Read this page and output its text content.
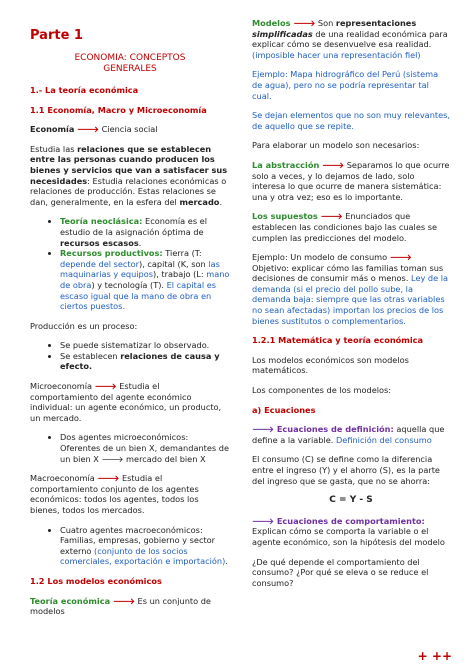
Parte 1
ECONOMIA: CONCEPTOS
GENERALES
1.- La teoría económica
1.1 Economía, Macro y Microeconomía

Economía 🡒 Ciencia social

Estudia las relaciones que se establecen entre las personas cuando producen los bienes y servicios que van a satisfacer sus necesidades: Estudia relaciones económicas o relaciones de producción. Estas relaciones se dan, generalmente, en la esfera del mercado.

• Teoría neoclásica: Economía es el estudio de la asignación óptima de recursos escasos.
• Recursos productivos: Tierra (T: depende del sector), capital (K, son las maquinarias y equipos), trabajo (L: mano de obra) y tecnología (T). El capital es escaso igual que la mano de obra en ciertos puestos.

Producción es un proceso:

• Se puede sistematizar lo observado.
• Se establecen relaciones de causa y efecto.

Microeconomía 🡒 Estudia el comportamiento del agente económico individual: un agente económico, un producto, un mercado.

• Dos agentes microeconómicos: Oferentes de un bien X, demandantes de un bien X 🡒 mercado del bien X

Macroeconomía 🡒 Estudia el comportamiento conjunto de los agentes económicos: todos los agentes, todos los bienes, todos los mercados.

• Cuatro agentes macroeconómicos: Familias, empresas, gobierno y sector externo (conjunto de los socios comerciales, exportación e importación).
1.2 Los modelos económicos

Teoría económica 🡒 Es un conjunto de modelos

Modelos 🡒 Son representaciones simplificadas de una realidad económica para explicar cómo se desenvuelve esa realidad. (imposible hacer una representación fiel)

Ejemplo: Mapa hidrográfico del Perú (sistema de agua), pero no se podría representar tal cual.

Se dejan elementos que no son muy relevantes, de aquello que se repite.

Para elaborar un modelo son necesarios:

La abstracción 🡒 Separamos lo que ocurre solo a veces, y lo dejamos de lado, solo interesa lo que ocurre de manera sistemática: una y otra vez; eso es lo importante.

Los supuestos 🡒 Enunciados que establecen las condiciones bajo las cuales se cumplen las predicciones del modelo.

Ejemplo: Un modelo de consumo 🡒 Objetivo: explicar cómo las familias toman sus decisiones de consumir más o menos. Ley de la demanda (si el precio del pollo sube, la demanda baja: siempre que las otras variables no sean afectadas) importan los precios de los bienes sustitutos o complementarios.

1.2.1 Matemática y teoría económica

Los modelos económicos son modelos matemáticos.

Los componentes de los modelos:

a) Ecuaciones

🡒 Ecuaciones de definición: aquella que define a la variable. Definición del consumo

El consumo (C) se define como la diferencia entre el ingreso (Y) y el ahorro (S), es la parte del ingreso que se gasta, que no se ahorra:

C = Y - S
🡒 Ecuaciones de comportamiento:

Explican cómo se comporta la variable o el agente económico, son la hipótesis del modelo

¿De qué depende el comportamiento del consumo? ¿Por qué se eleva o se reduce el consumo?

+ ++
